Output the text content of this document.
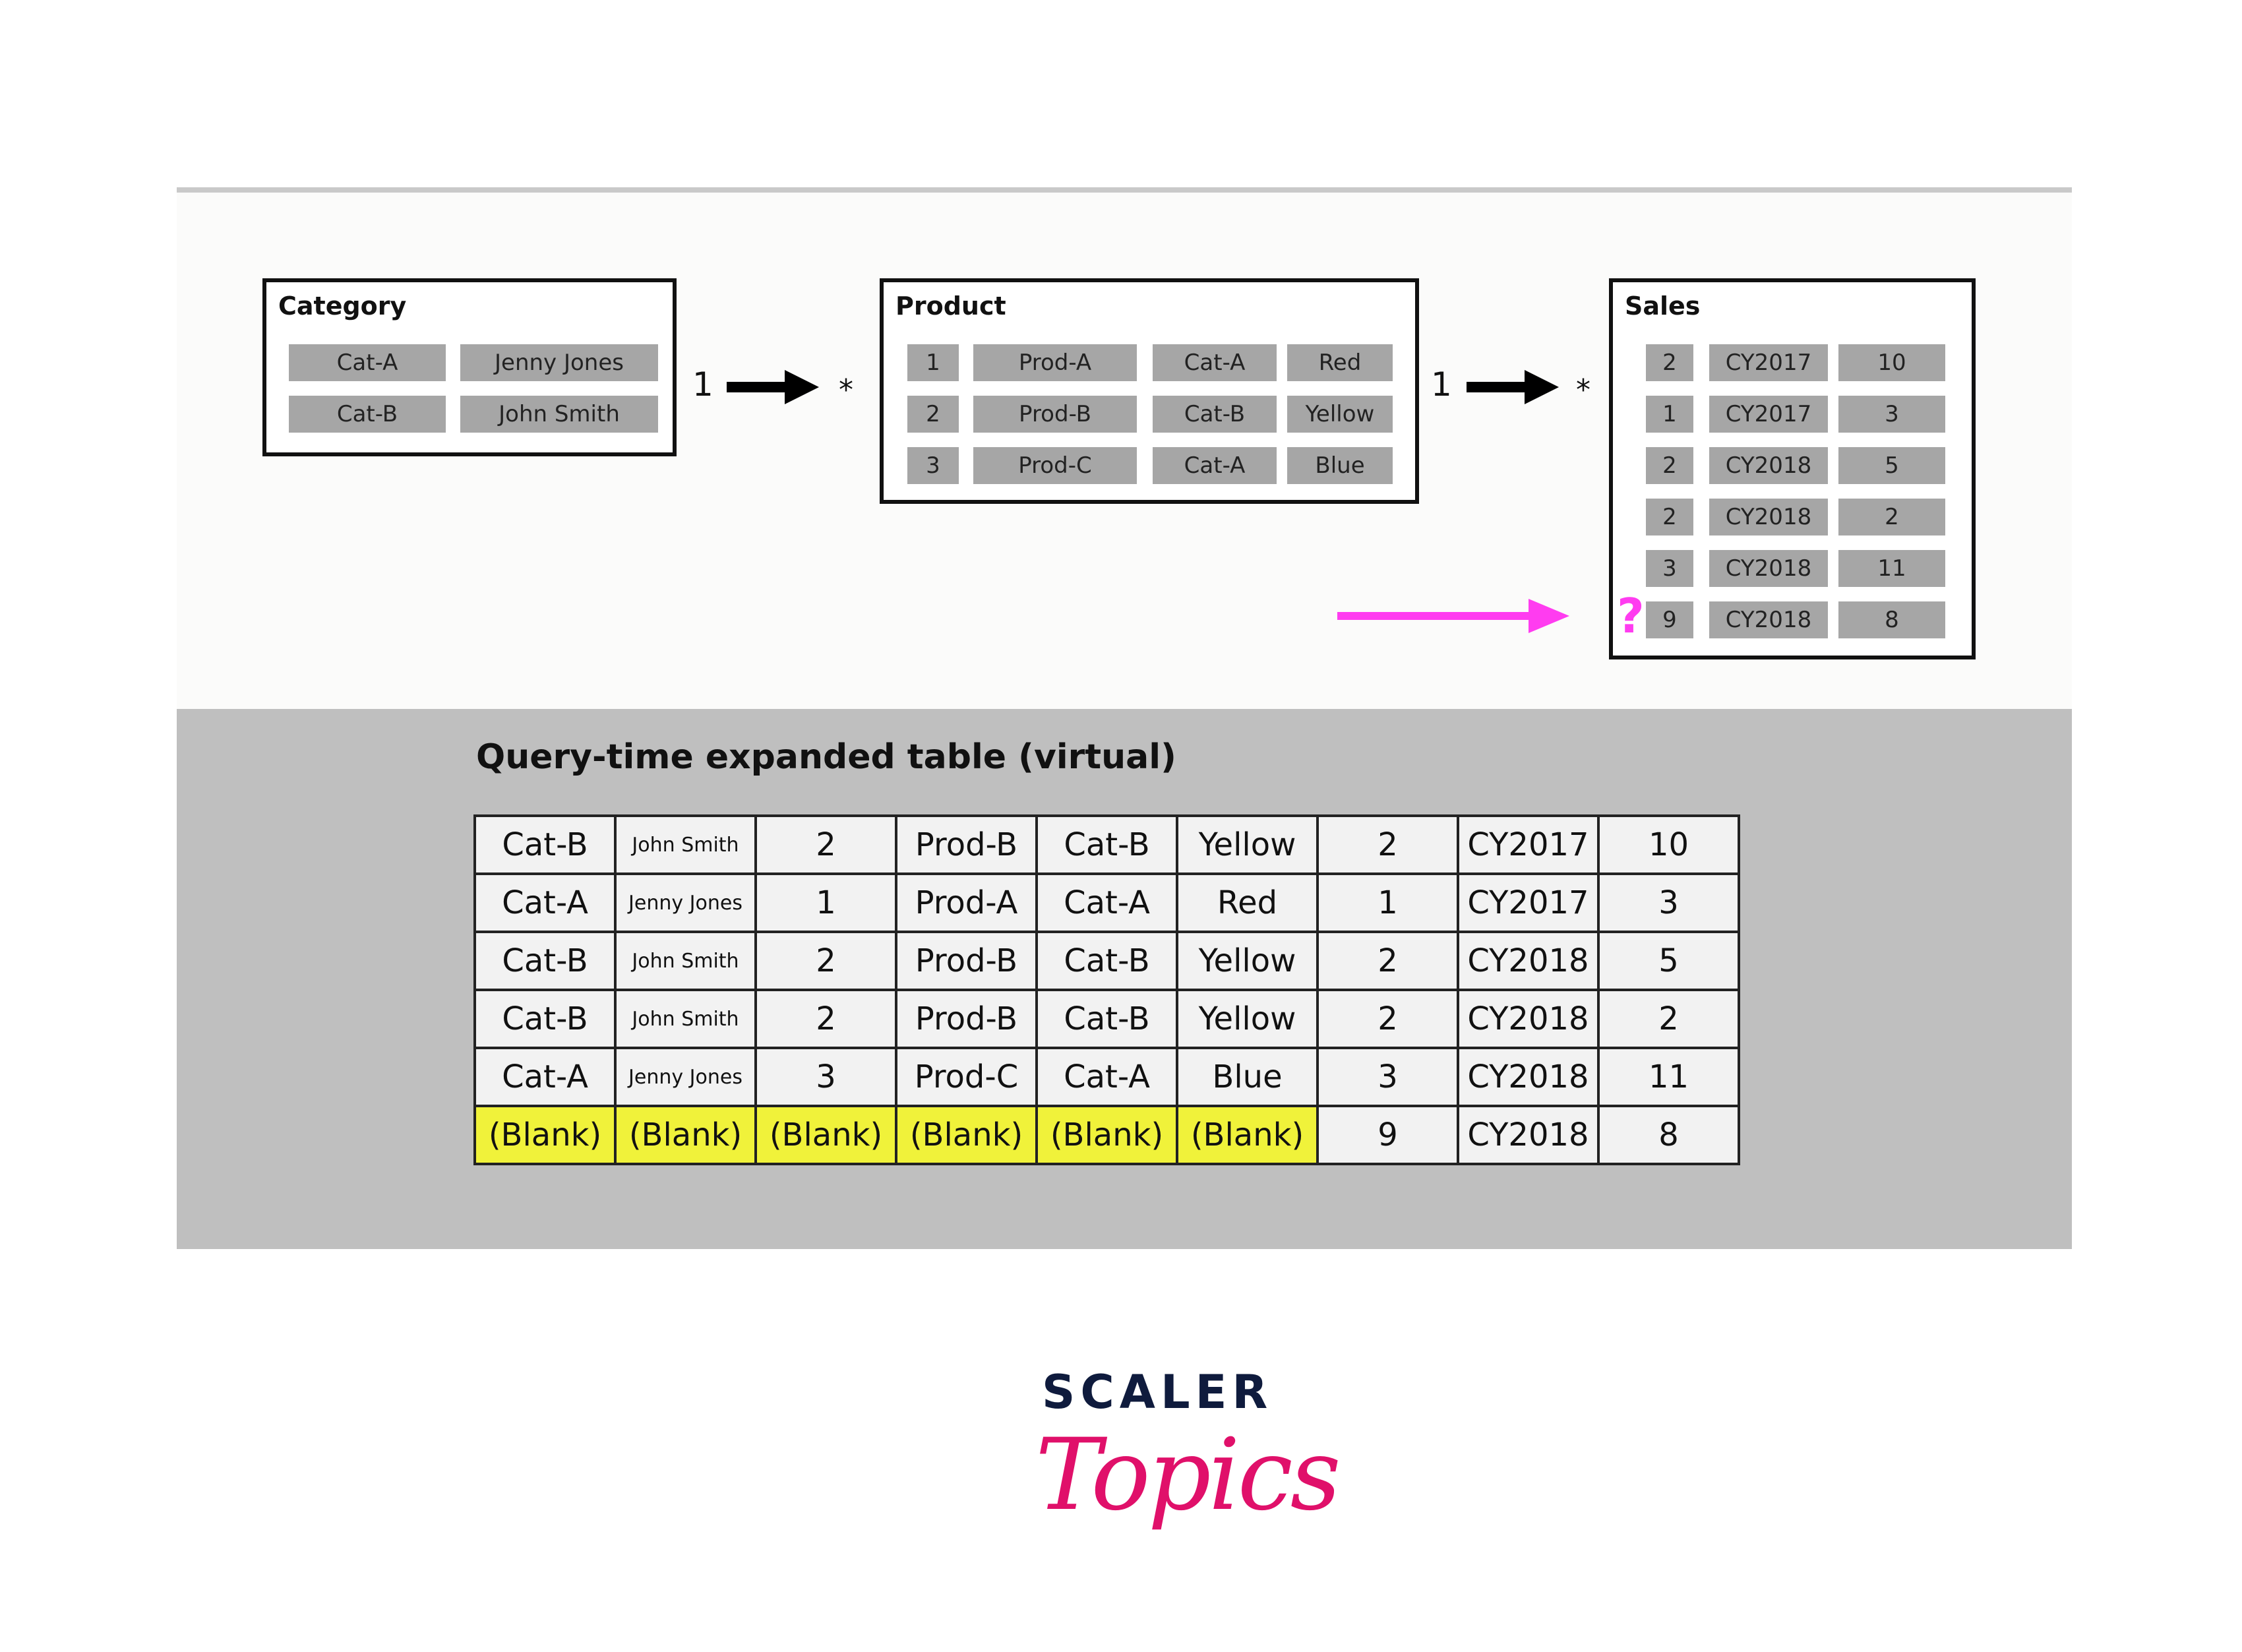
Category
Cat-A	Jenny Jones
Cat-B	John Smith
1	*
Product
1	Prod-A	Cat-A	Red
2	Prod-B	Cat-B	Yellow
3	Prod-C	Cat-A	Blue
1	*
Sales
2	CY2017	10
1	CY2017	3
2	CY2018	5
2	CY2018	2
3	CY2018	11
9	CY2018	8
?
Query-time expanded table (virtual)
Cat-B	John Smith	2	Prod-B	Cat-B	Yellow	2	CY2017	10
Cat-A	Jenny Jones	1	Prod-A	Cat-A	Red	1	CY2017	3
Cat-B	John Smith	2	Prod-B	Cat-B	Yellow	2	CY2018	5
Cat-B	John Smith	2	Prod-B	Cat-B	Yellow	2	CY2018	2
Cat-A	Jenny Jones	3	Prod-C	Cat-A	Blue	3	CY2018	11
(Blank)	(Blank)	(Blank)	(Blank)	(Blank)	(Blank)	9	CY2018	8
SCALER
Topics
